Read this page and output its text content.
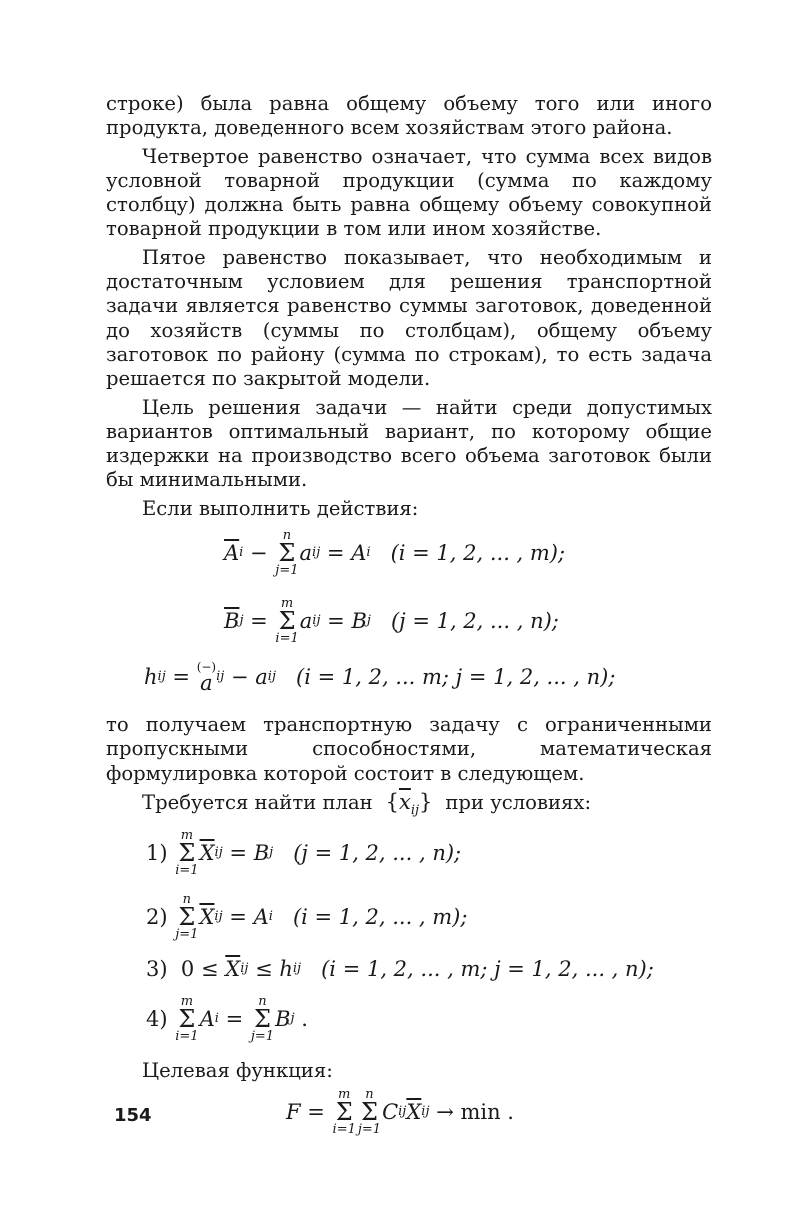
строке) была равна общему объему того или иного продукта, доведенного всем хозяйствам этого района.

Четвертое равенство означает, что сумма всех видов условной товарной продукции (сумма по каждому столбцу) должна быть равна общему объему совокупной товарной продукции в том или ином хозяйстве.

Пятое равенство показывает, что необходимым и достаточным условием для решения транспортной задачи является равенство суммы заготовок, доведенной до хозяйств (суммы по столбцам), общему объему заготовок по району (сумма по строкам), то есть задача решается по закрытой модели.

Цель решения задачи — найти среди допустимых вариантов оптимальный вариант, по которому общие издержки на производство всего объема заготовок были бы минимальными.

Если выполнить действия:

$\overline{A}$ i −
n
Σ
j=1
a ij = A i
(i = 1, 2, ... , m);
$\overline{B}$ j =
m
Σ
i=1
a ij = B j
(j = 1, 2, ... , n);
h ij = (−)
a ij − a ij
(i = 1, 2, ... m; j = 1, 2, ... , n);

то получаем транспортную задачу с ограниченными пропускными способностями, математическая формулировка которой состоит в следующем.

Требуется найти план  $\{\overline{x}_{ij}\}$  при условиях:

1)

m
Σ
i=1
$\overline{X}$ ij = B j
(j = 1, 2, ... , n);
2)

n
Σ
j=1
$\overline{X}$ ij = A i
(i = 1, 2, ... , m);
3) $0 \le \overline{X}$ ij ≤ h ij
(i = 1, 2, ... , m; j = 1, 2, ... , n);
4)

m
Σ
i=1
A i =
n
Σ
j=1
B j .

Целевая функция:

F =
m
Σ
i=1
n
Σ
j=1
C ij $\overline{X}$ ij
→ min .
154
